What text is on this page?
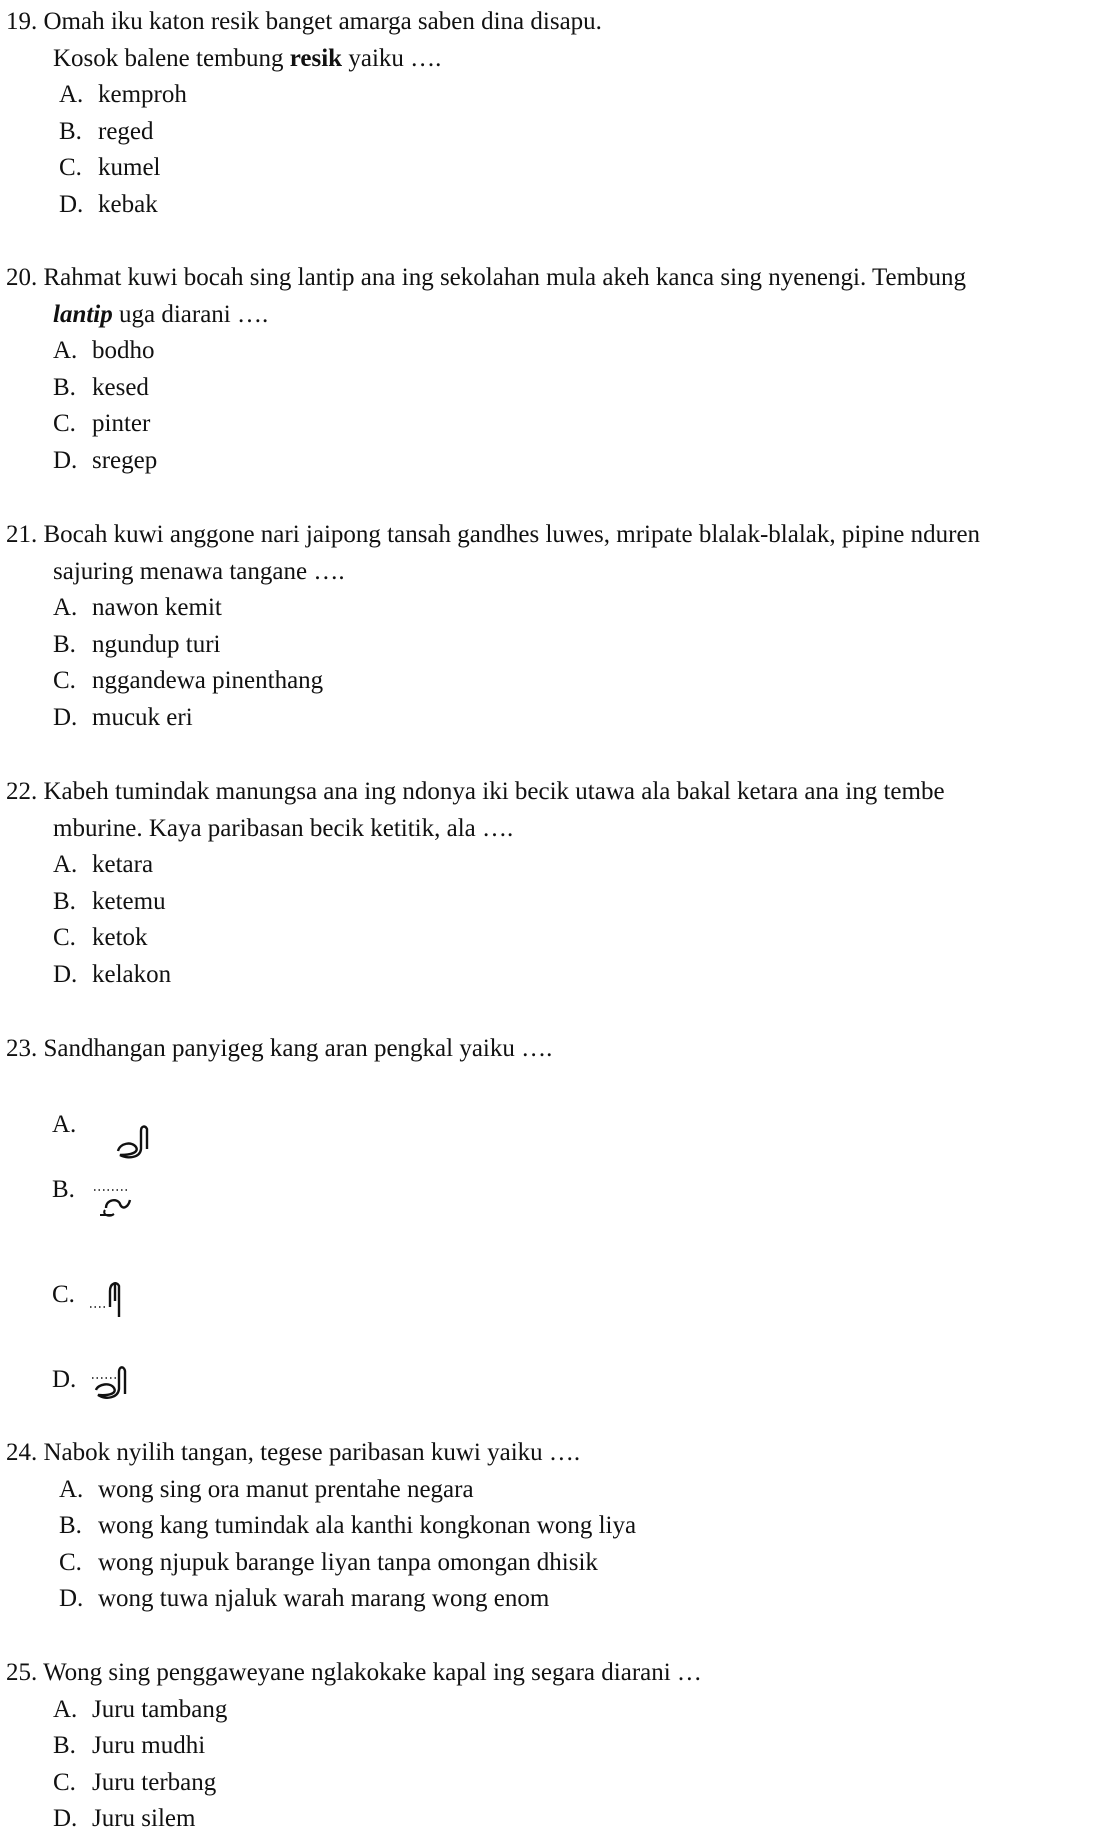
19. Omah iku katon resik banget amarga saben dina disapu.
Kosok balene tembung resik yaiku ….
A. kemproh
B. reged
C. kumel
D. kebak
20. Rahmat kuwi bocah sing lantip ana ing sekolahan mula akeh kanca sing nyenengi. Tembung
lantip uga diarani ….
A. bodho
B. kesed
C. pinter
D. sregep
21. Bocah kuwi anggone nari jaipong tansah gandhes luwes, mripate blalak-blalak, pipine nduren
sajuring menawa tangane ….
A. nawon kemit
B. ngundup turi
C. nggandewa pinenthang
D. mucuk eri
22. Kabeh tumindak manungsa ana ing ndonya iki becik utawa ala bakal ketara ana ing tembe
mburine. Kaya paribasan becik ketitik, ala ….
A. ketara
B. ketemu
C. ketok
D. kelakon
23. Sandhangan panyigeg kang aran pengkal yaiku ….
A.
B.
C.
D.
24. Nabok nyilih tangan, tegese paribasan kuwi yaiku ….
A. wong sing ora manut prentahe negara
B. wong kang tumindak ala kanthi kongkonan wong liya
C. wong njupuk barange liyan tanpa omongan dhisik
D. wong tuwa njaluk warah marang wong enom
25. Wong sing penggaweyane nglakokake kapal ing segara diarani …
A. Juru tambang
B. Juru mudhi
C. Juru terbang
D. Juru silem
